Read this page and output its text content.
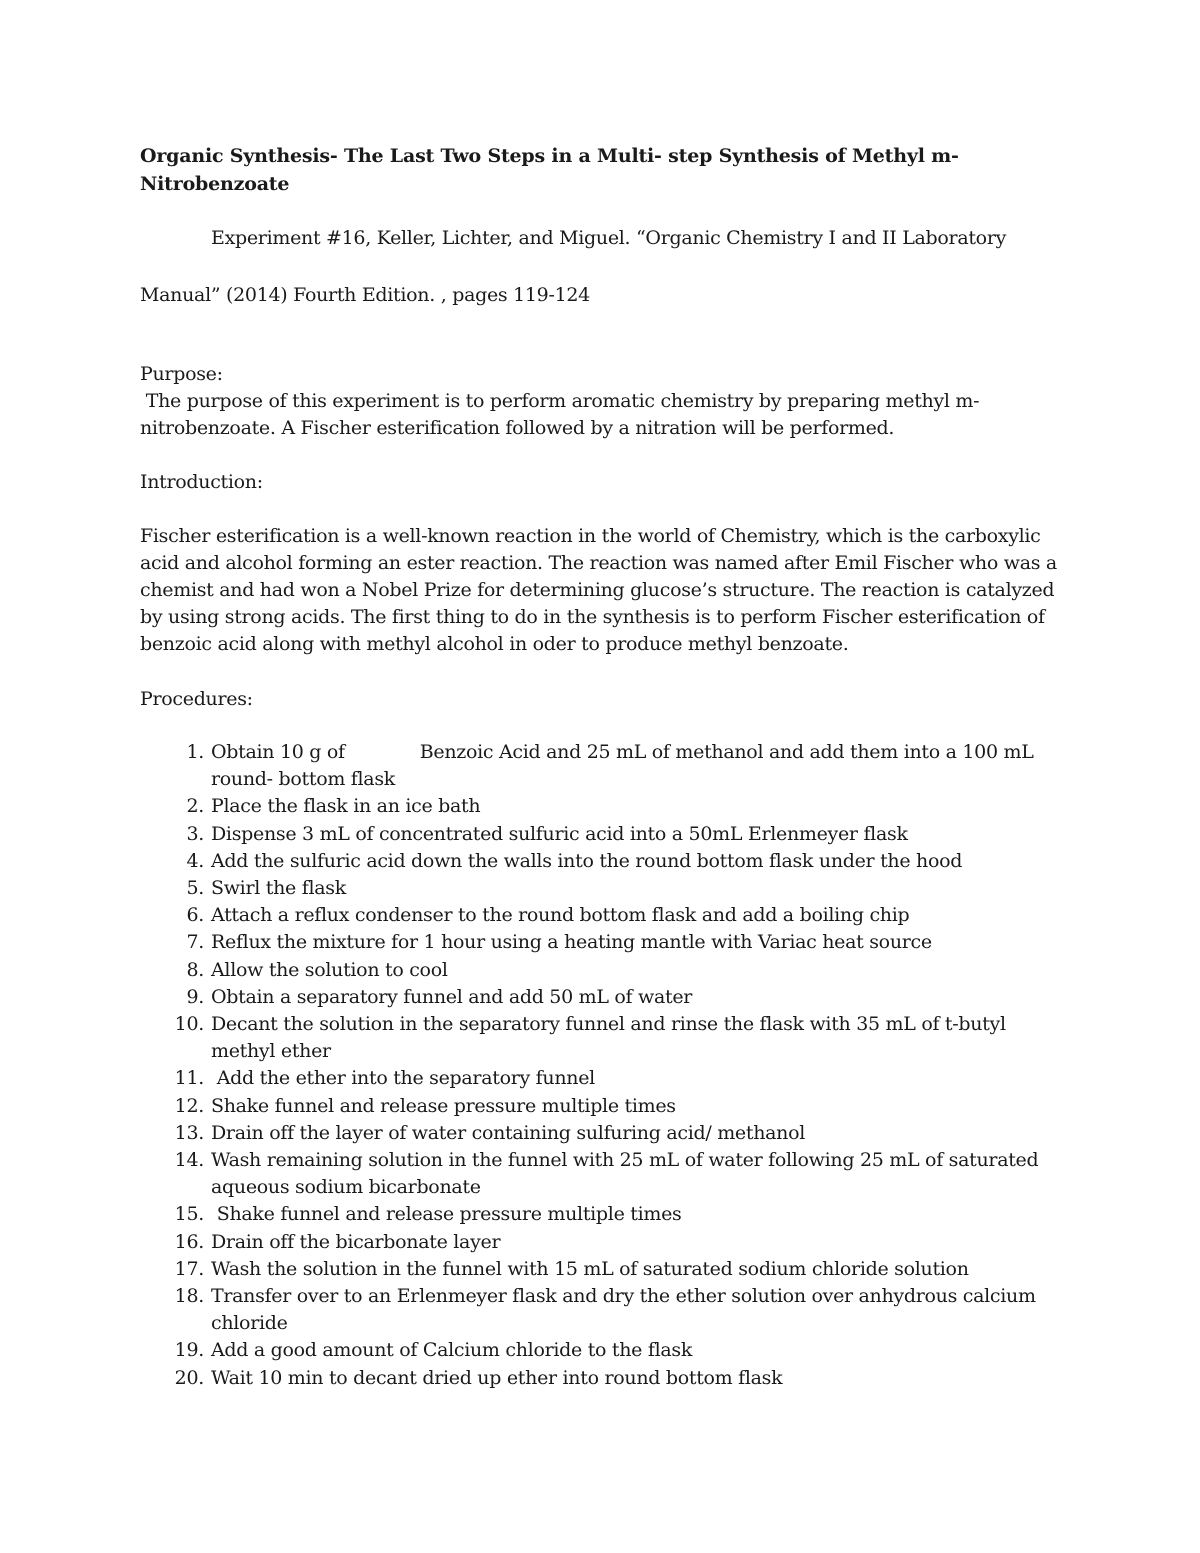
Organic Synthesis- The Last Two Steps in a Multi- step Synthesis of Methyl m- Nitrobenzoate
Experiment #16, Keller, Lichter, and Miguel. “Organic Chemistry I and II Laboratory
Manual” (2014) Fourth Edition. , pages 119-124
Purpose:
The purpose of this experiment is to perform aromatic chemistry by preparing methyl m-nitrobenzoate. A Fischer esterification followed by a nitration will be performed.
Introduction:
Fischer esterification is a well-known reaction in the world of Chemistry, which is the carboxylic acid and alcohol forming an ester reaction. The reaction was named after Emil Fischer who was a chemist and had won a Nobel Prize for determining glucose’s structure. The reaction is catalyzed by using strong acids. The first thing to do in the synthesis is to perform Fischer esterification of benzoic acid along with methyl alcohol in oder to produce methyl benzoate.
Procedures:
1. Obtain 10 g of	Benzoic Acid and 25 mL of methanol and add them into a 100 mL round- bottom flask
2. Place the flask in an ice bath
3. Dispense 3 mL of concentrated sulfuric acid into a 50mL Erlenmeyer flask
4. Add the sulfuric acid down the walls into the round bottom flask under the hood
5. Swirl the flask
6. Attach a reflux condenser to the round bottom flask and add a boiling chip
7. Reflux the mixture for 1 hour using a heating mantle with Variac heat source
8. Allow the solution to cool
9. Obtain a separatory funnel and add 50 mL of water
10. Decant the solution in the separatory funnel and rinse the flask with 35 mL of t-butyl methyl ether
11. Add the ether into the separatory funnel
12. Shake funnel and release pressure multiple times
13. Drain off the layer of water containing sulfuring acid/ methanol
14. Wash remaining solution in the funnel with 25 mL of water following 25 mL of saturated aqueous sodium bicarbonate
15. Shake funnel and release pressure multiple times
16. Drain off the bicarbonate layer
17. Wash the solution in the funnel with 15 mL of saturated sodium chloride solution
18. Transfer over to an Erlenmeyer flask and dry the ether solution over anhydrous calcium chloride
19. Add a good amount of Calcium chloride to the flask
20. Wait 10 min to decant dried up ether into round bottom flask
